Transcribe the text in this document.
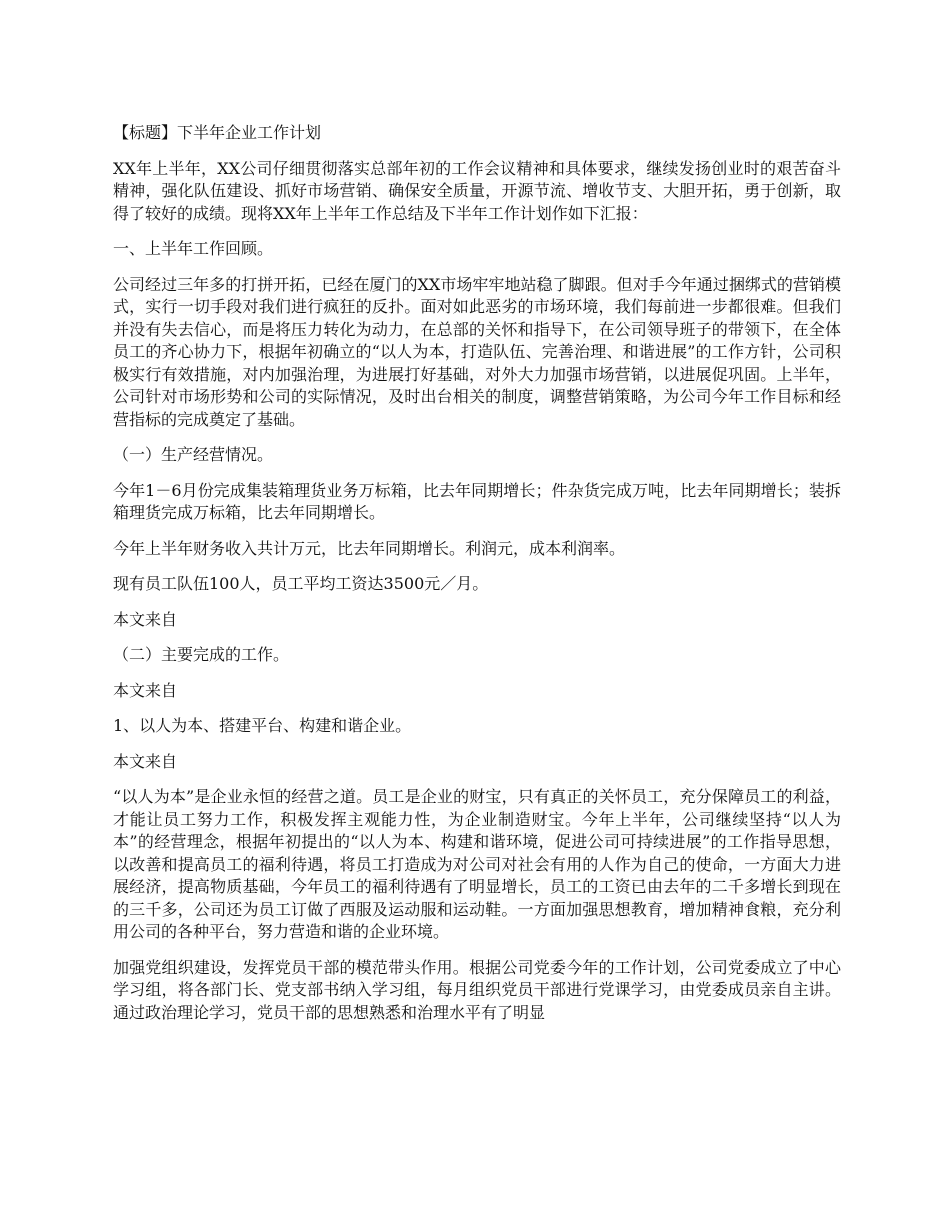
【标题】下半年企业工作计划

XX年上半年，XX公司仔细贯彻落实总部年初的工作会议精神和具体要求，继续发扬创业时的艰苦奋斗精神，强化队伍建设、抓好市场营销、确保安全质量，开源节流、增收节支、大胆开拓，勇于创新，取得了较好的成绩。现将XX年上半年工作总结及下半年工作计划作如下汇报：

一、上半年工作回顾。

公司经过三年多的打拼开拓，已经在厦门的XX市场牢牢地站稳了脚跟。但对手今年通过捆绑式的营销模式，实行一切手段对我们进行疯狂的反扑。面对如此恶劣的市场环境，我们每前进一步都很难。但我们并没有失去信心，而是将压力转化为动力，在总部的关怀和指导下，在公司领导班子的带领下，在全体员工的齐心协力下，根据年初确立的“以人为本，打造队伍、完善治理、和谐进展”的工作方针，公司积极实行有效措施，对内加强治理，为进展打好基础，对外大力加强市场营销，以进展促巩固。上半年，公司针对市场形势和公司的实际情况，及时出台相关的制度，调整营销策略，为公司今年工作目标和经营指标的完成奠定了基础。

（一）生产经营情况。

今年1－6月份完成集装箱理货业务万标箱，比去年同期增长；件杂货完成万吨，比去年同期增长；装拆箱理货完成万标箱，比去年同期增长。

今年上半年财务收入共计万元，比去年同期增长。利润元，成本利润率。

现有员工队伍100人，员工平均工资达3500元／月。

本文来自

（二）主要完成的工作。

本文来自

1、以人为本、搭建平台、构建和谐企业。

本文来自

“以人为本”是企业永恒的经营之道。员工是企业的财宝，只有真正的关怀员工，充分保障员工的利益，才能让员工努力工作，积极发挥主观能力性，为企业制造财宝。今年上半年，公司继续坚持“以人为本”的经营理念，根据年初提出的“以人为本、构建和谐环境，促进公司可持续进展”的工作指导思想，以改善和提高员工的福利待遇，将员工打造成为对公司对社会有用的人作为自己的使命，一方面大力进展经济，提高物质基础，今年员工的福利待遇有了明显增长，员工的工资已由去年的二千多增长到现在的三千多，公司还为员工订做了西服及运动服和运动鞋。一方面加强思想教育，增加精神食粮，充分利用公司的各种平台，努力营造和谐的企业环境。

加强党组织建设，发挥党员干部的模范带头作用。根据公司党委今年的工作计划，公司党委成立了中心学习组，将各部门长、党支部书纳入学习组，每月组织党员干部进行党课学习，由党委成员亲自主讲。通过政治理论学习，党员干部的思想熟悉和治理水平有了明显
